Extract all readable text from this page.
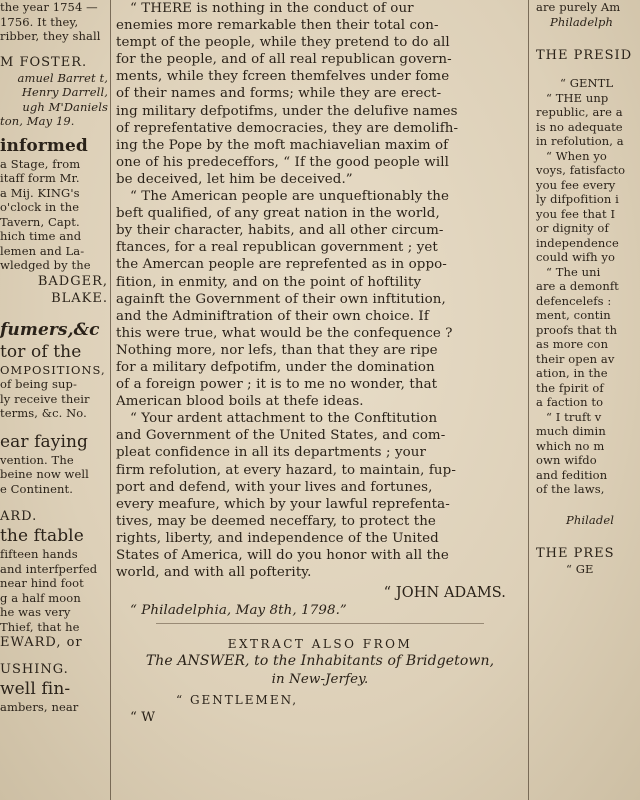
the year 1754 —
1756. It they,
ribber, they shall
M FOSTER.
amuel Barret t,
Henry Darrell,
ugh M'Daniels
ton, May 19.
informed
a Stage, from
itaff form Mr.
a Mij. KING's
o'clock in the
Tavern, Capt.
hich time and
lemen and La-
wledged by the
BADGER,
BLAKE.
fumers,&c
tor of the
OMPOSITIONS,
of being sup-
ly receive their
terms, &c. No.
ear faying
vention. The
beine now well
e Continent.
ARD.
the ftable
fifteen hands
and interfperfed
near hind foot
g a half moon
he was very
Thief, that he
EWARD, or
USHING.
well fin-
ambers, near
“ THERE is nothing in the conduct of our
enemies more remarkable then their total con-
tempt of the people, while they pretend to do all
for the people, and of all real republican govern-
ments, while they fcreen themfelves under fome
of their names and forms; while they are erect-
ing military defpotifms, under the delufive names
of reprefentative democracies, they are demolifh-
ing the Pope by the moft machiavelian maxim of
one of his predeceffors, “ If the good people will
be deceived, let him be deceived.”
“ The American people are unqueftionably the
beft qualified, of any great nation in the world,
by their character, habits, and all other circum-
ftances, for a real republican government ; yet
the Amercan people are reprefented as in oppo-
fition, in enmity, and on the point of hoftility
againft the Government of their own inftitution,
and the Adminiftration of their own choice. If
this were true, what would be the confequence ?
Nothing more, nor lefs, than that they are ripe
for a military defpotifm, under the domination
of a foreign power ; it is to me no wonder, that
American blood boils at thefe ideas.
“ Your ardent attachment to the Conftitution
and Government of the United States, and com-
pleat confidence in all its departments ; your
firm refolution, at every hazard, to maintain, fup-
port and defend, with your lives and fortunes,
every meafure, which by your lawful reprefenta-
tives, may be deemed neceffary, to protect the
rights, liberty, and independence of the United
States of America, will do you honor with all the
world, and with all pofterity.
“ JOHN ADAMS.
“ Philadelphia, May 8th, 1798.”
EXTRACT ALSO FROM
The ANSWER, to the Inhabitants of Bridgetown,
in New-Jerfey.
“ GENTLEMEN,
“ W
are purely Am
Philadelph
THE PRESID
“ GENTL
“ THE unp
republic, are a
is no adequate
in refolution, a
“ When yo
voys, fatisfacto
you fee every
ly difpofition i
you fee that I
or dignity of
independence
could wifh yo
“ The uni
are a demonft
defencelefs :
ment, contin
proofs that th
as more con
their open av
ation, in the
the fpirit of
a faction to
“ I truft v
much dimin
which no m
own wifdo
and fedition
of the laws,
Philadel
THE PRES
“ GE
